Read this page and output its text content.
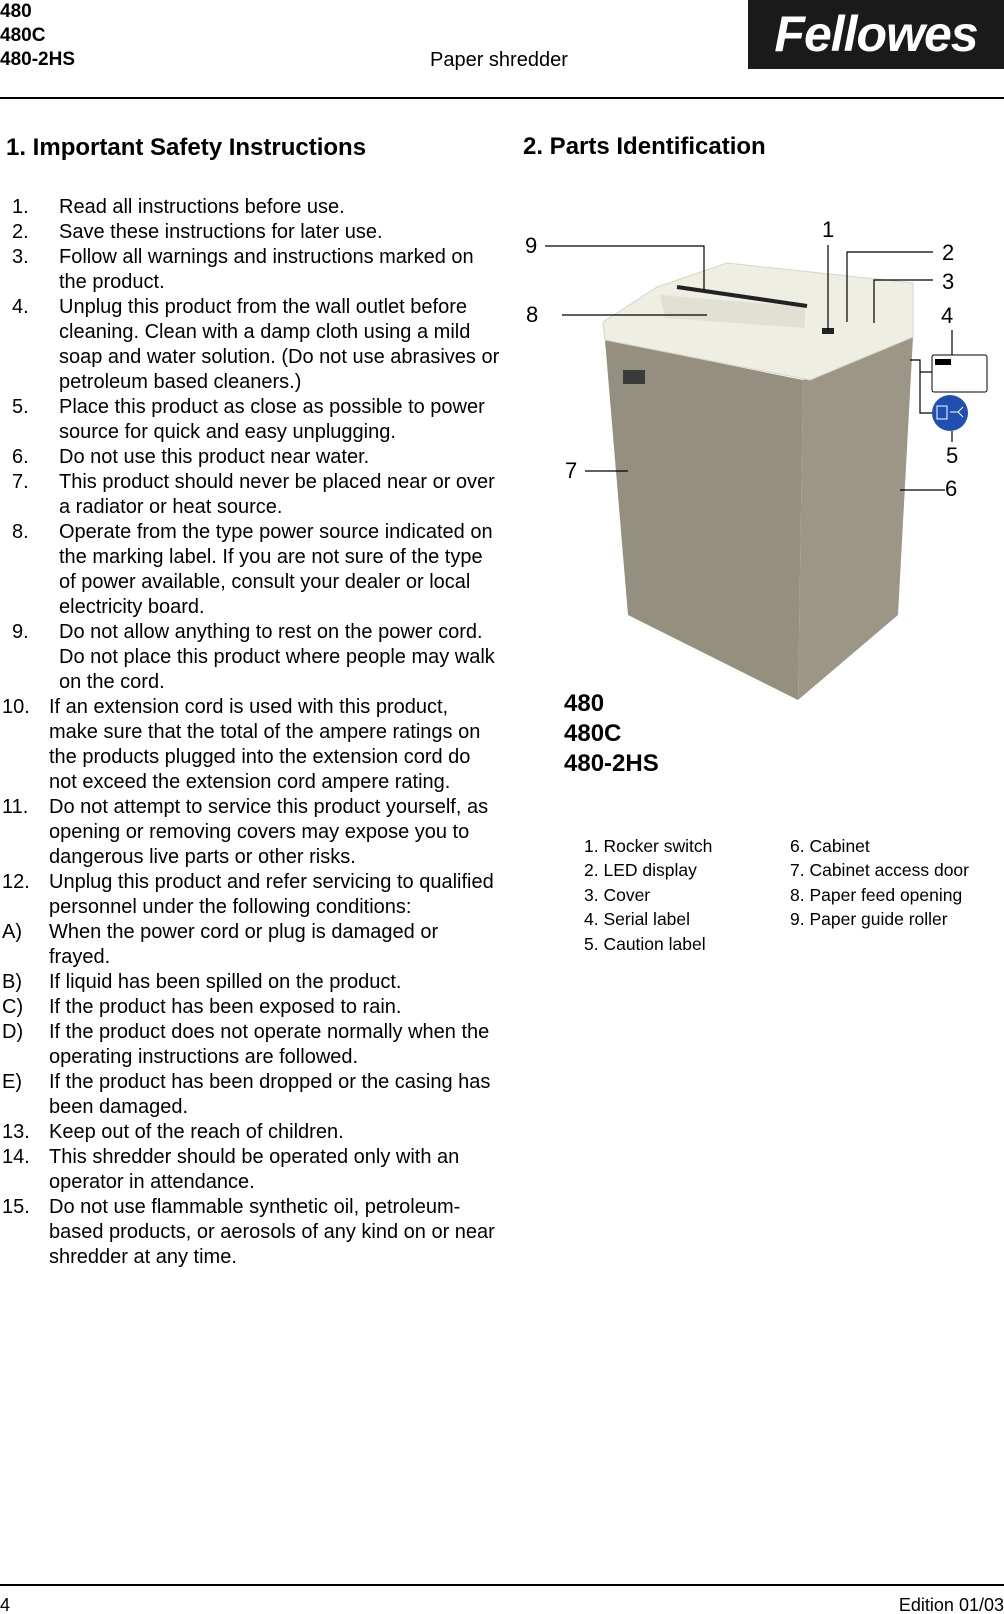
480
480C
480-2HS	Paper shredder	Fellowes
1. Important Safety Instructions
1.	Read all instructions before use.
2.	Save these instructions for later use.
3.	Follow all warnings and instructions marked on the product.
4.	Unplug this product from the wall outlet before cleaning. Clean with a damp cloth using a mild soap and water solution. (Do not use abrasives or petroleum based cleaners.)
5.	Place this product as close as possible to power source for quick and easy unplugging.
6.	Do not use this product near water.
7.	This product should never be placed near or over a radiator or heat source.
8.	Operate from the type power source indicated on the marking label. If you are not sure of the type of power available, consult your dealer or local electricity board.
9.	Do not allow anything to rest on the power cord. Do not place this product where people may walk on the cord.
10. If an extension cord is used with this product, make sure that the total of the ampere ratings on the products plugged into the extension cord do not exceed the extension cord ampere rating.
11.	Do not attempt to service this product yourself, as opening or removing covers may expose you to dangerous live parts or other risks.
12. Unplug this product and refer servicing to qualified personnel under the following conditions:
A)	When the power cord or plug is damaged or frayed.
B)	If liquid has been spilled on the product.
C)	If the product has been exposed to rain.
D)	If the product does not operate normally when the operating instructions are followed.
E)	If the product has been dropped or the casing has been damaged.
13. Keep out of the reach of children.
14. This shredder should be operated only with an operator in attendance.
15. Do not use flammable synthetic oil, petroleum-based products, or aerosols of any kind on or near shredder at any time.
2. Parts Identification
9
8
1
2
3
4
5
7
6
480
480C
480-2HS
1. Rocker switch
2. LED display
3. Cover
4. Serial label
5. Caution label
6. Cabinet
7. Cabinet access door
8. Paper feed opening
9. Paper guide roller
4	Edition 01/03
